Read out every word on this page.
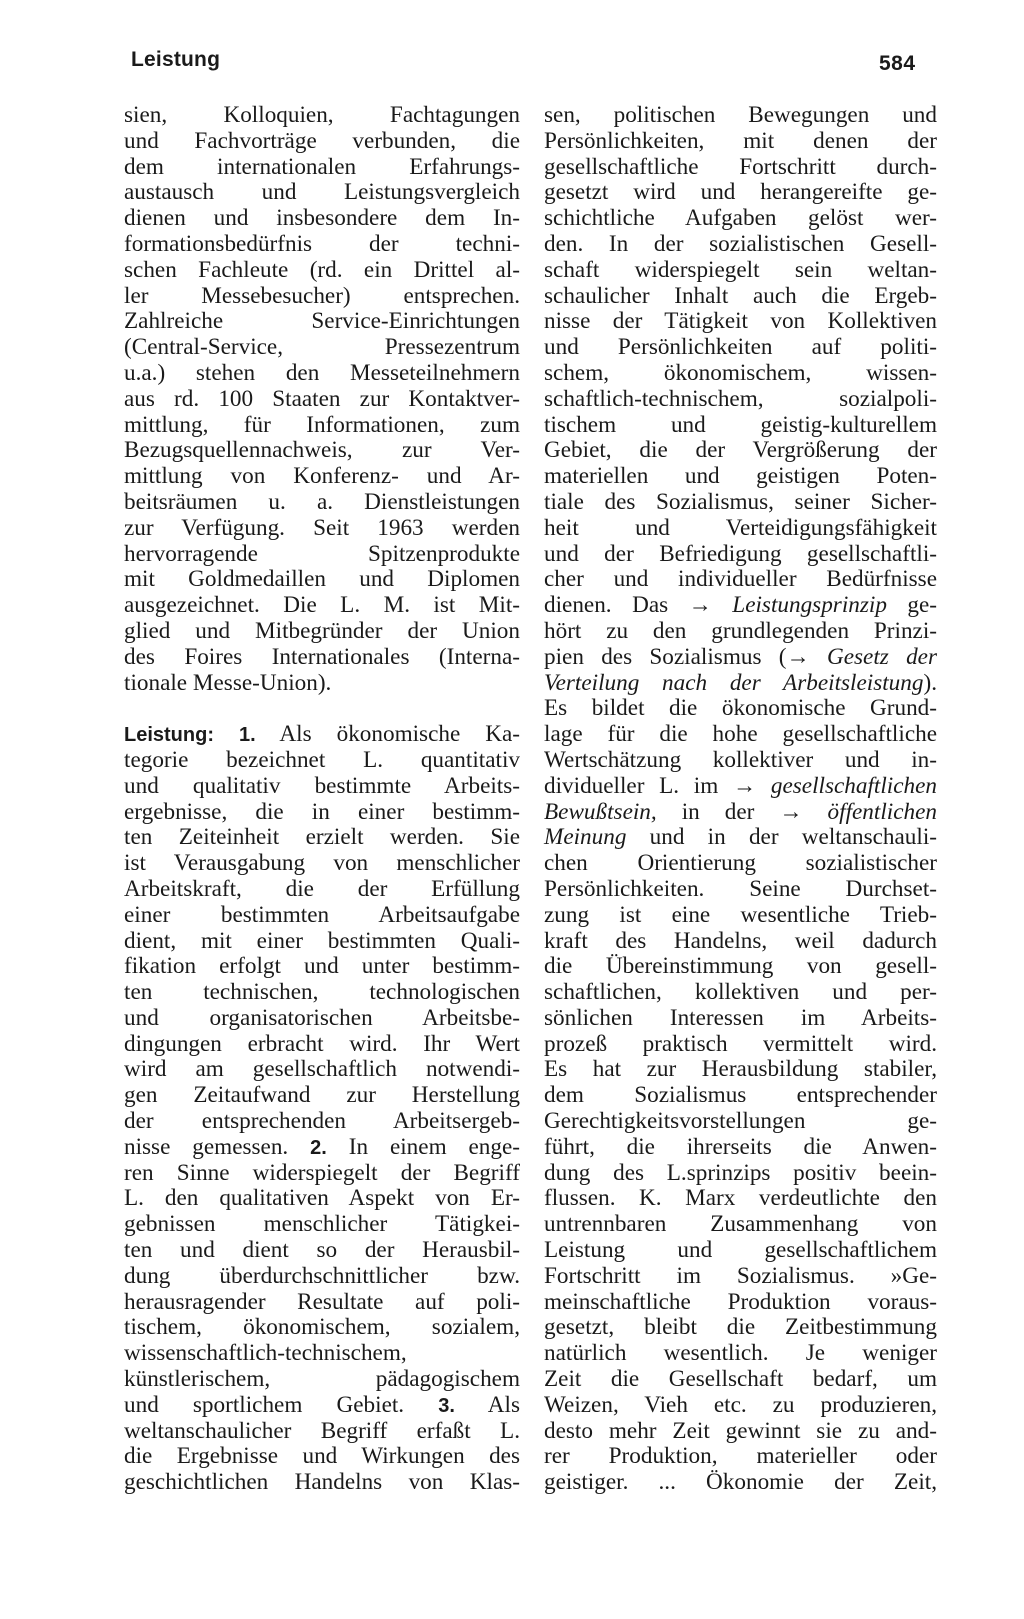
Leistung	584
sien, Kolloquien, Fachtagungen
und Fachvorträge verbunden, die
dem internationalen Erfahrungs-
austausch und Leistungsvergleich
dienen und insbesondere dem In-
formationsbedürfnis der techni-
schen Fachleute (rd. ein Drittel al-
ler Messebesucher) entsprechen.
Zahlreiche Service-Einrichtungen
(Central-Service, Pressezentrum
u.a.) stehen den Messeteilnehmern
aus rd. 100 Staaten zur Kontaktver-
mittlung, für Informationen, zum
Bezugsquellennachweis, zur Ver-
mittlung von Konferenz- und Ar-
beitsräumen u. a. Dienstleistungen
zur Verfügung. Seit 1963 werden
hervorragende Spitzenprodukte
mit Goldmedaillen und Diplomen
ausgezeichnet. Die L. M. ist Mit-
glied und Mitbegründer der Union
des Foires Internationales (Interna-
tionale Messe-Union).
Leistung: 1. Als ökonomische Ka-
tegorie bezeichnet L. quantitativ
und qualitativ bestimmte Arbeits-
ergebnisse, die in einer bestimm-
ten Zeiteinheit erzielt werden. Sie
ist Verausgabung von menschlicher
Arbeitskraft, die der Erfüllung
einer bestimmten Arbeitsaufgabe
dient, mit einer bestimmten Quali-
fikation erfolgt und unter bestimm-
ten technischen, technologischen
und organisatorischen Arbeitsbe-
dingungen erbracht wird. Ihr Wert
wird am gesellschaftlich notwendi-
gen Zeitaufwand zur Herstellung
der entsprechenden Arbeitsergeb-
nisse gemessen. 2. In einem enge-
ren Sinne widerspiegelt der Begriff
L. den qualitativen Aspekt von Er-
gebnissen menschlicher Tätigkei-
ten und dient so der Herausbil-
dung überdurchschnittlicher bzw.
herausragender Resultate auf poli-
tischem, ökonomischem, sozialem,
wissenschaftlich-technischem,
künstlerischem, pädagogischem
und sportlichem Gebiet. 3. Als
weltanschaulicher Begriff erfaßt L.
die Ergebnisse und Wirkungen des
geschichtlichen Handelns von Klas-
sen, politischen Bewegungen und
Persönlichkeiten, mit denen der
gesellschaftliche Fortschritt durch-
gesetzt wird und herangereifte ge-
schichtliche Aufgaben gelöst wer-
den. In der sozialistischen Gesell-
schaft widerspiegelt sein weltan-
schaulicher Inhalt auch die Ergeb-
nisse der Tätigkeit von Kollektiven
und Persönlichkeiten auf politi-
schem, ökonomischem, wissen-
schaftlich-technischem, sozialpoli-
tischem und geistig-kulturellem
Gebiet, die der Vergrößerung der
materiellen und geistigen Poten-
tiale des Sozialismus, seiner Sicher-
heit und Verteidigungsfähigkeit
und der Befriedigung gesellschaftli-
cher und individueller Bedürfnisse
dienen. Das → Leistungsprinzip ge-
hört zu den grundlegenden Prinzi-
pien des Sozialismus (→ Gesetz der
Verteilung nach der Arbeitsleistung).
Es bildet die ökonomische Grund-
lage für die hohe gesellschaftliche
Wertschätzung kollektiver und in-
dividueller L. im → gesellschaftlichen
Bewußtsein, in der → öffentlichen
Meinung und in der weltanschauli-
chen Orientierung sozialistischer
Persönlichkeiten. Seine Durchset-
zung ist eine wesentliche Trieb-
kraft des Handelns, weil dadurch
die Übereinstimmung von gesell-
schaftlichen, kollektiven und per-
sönlichen Interessen im Arbeits-
prozeß praktisch vermittelt wird.
Es hat zur Herausbildung stabiler,
dem Sozialismus entsprechender
Gerechtigkeitsvorstellungen ge-
führt, die ihrerseits die Anwen-
dung des L.sprinzips positiv beein-
flussen. K. Marx verdeutlichte den
untrennbaren Zusammenhang von
Leistung und gesellschaftlichem
Fortschritt im Sozialismus. »Ge-
meinschaftliche Produktion voraus-
gesetzt, bleibt die Zeitbestimmung
natürlich wesentlich. Je weniger
Zeit die Gesellschaft bedarf, um
Weizen, Vieh etc. zu produzieren,
desto mehr Zeit gewinnt sie zu and-
rer Produktion, materieller oder
geistiger. ... Ökonomie der Zeit,
